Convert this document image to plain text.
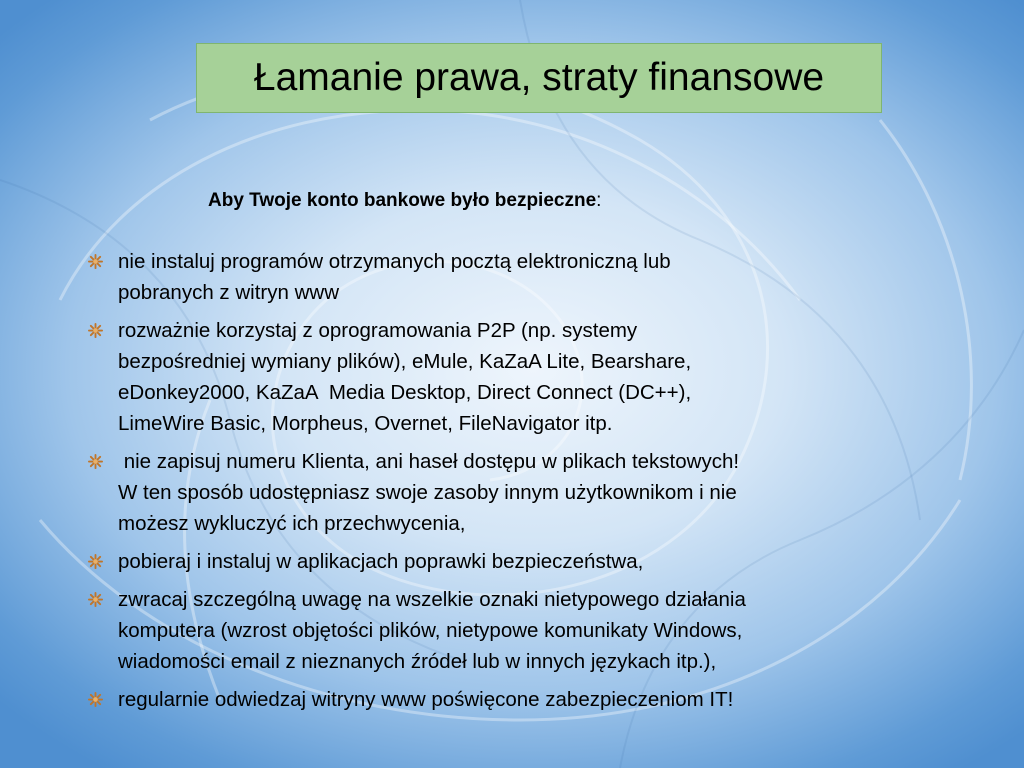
Łamanie prawa, straty finansowe
Aby Twoje konto bankowe było bezpieczne:
nie instaluj programów otrzymanych pocztą elektroniczną lub
pobranych z witryn www
rozważnie korzystaj z oprogramowania P2P (np. systemy
bezpośredniej wymiany plików), eMule, KaZaA Lite, Bearshare,
eDonkey2000, KaZaA  Media Desktop, Direct Connect (DC++),
LimeWire Basic, Morpheus, Overnet, FileNavigator itp.
nie zapisuj numeru Klienta, ani haseł dostępu w plikach tekstowych!
W ten sposób udostępniasz swoje zasoby innym użytkownikom i nie
możesz wykluczyć ich przechwycenia,
pobieraj i instaluj w aplikacjach poprawki bezpieczeństwa,
zwracaj szczególną uwagę na wszelkie oznaki nietypowego działania
komputera (wzrost objętości plików, nietypowe komunikaty Windows,
wiadomości email z nieznanych źródeł lub w innych językach itp.),
regularnie odwiedzaj witryny www poświęcone zabezpieczeniom IT!
